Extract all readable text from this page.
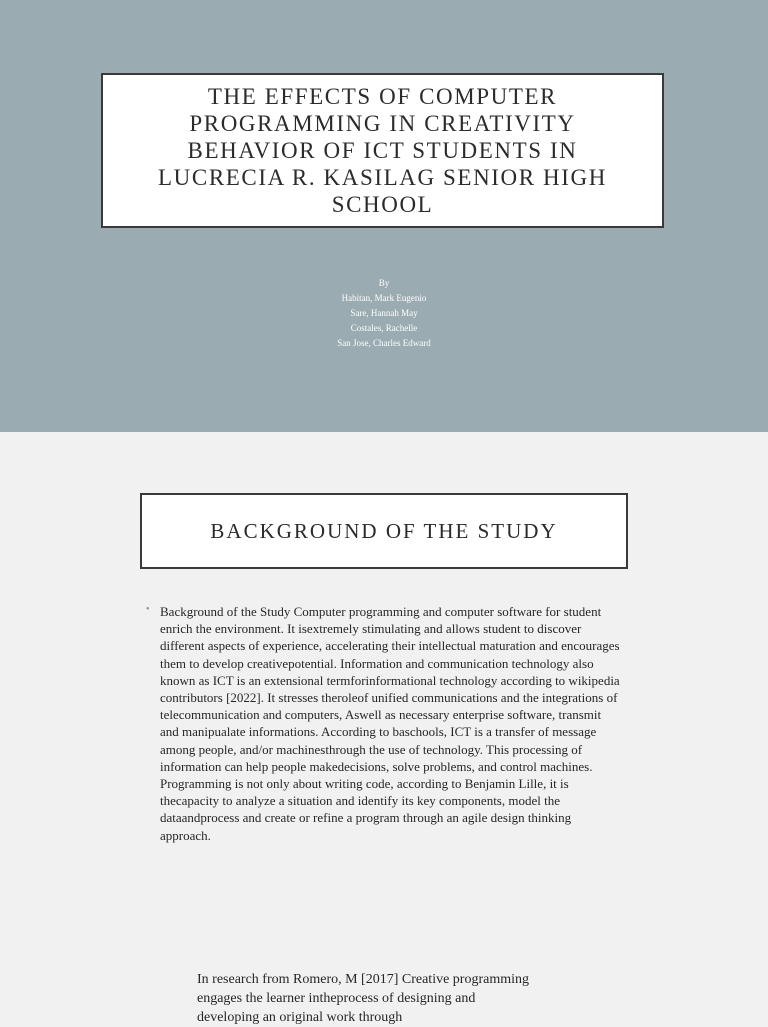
THE EFFECTS OF COMPUTER PROGRAMMING IN CREATIVITY BEHAVIOR OF ICT STUDENTS IN LUCRECIA R. KASILAG SENIOR HIGH SCHOOL
By
Habitan, Mark Eugenio
Sare, Hannah May
Costales, Rachelle
San Jose, Charles Edward
BACKGROUND OF THE STUDY
• Background of the Study Computer programming and computer software for student enrich the environment. It isextremely stimulating and allows student to discover different aspects of experience, accelerating their intellectual maturation and encourages them to develop creativepotential. Information and communication technology also known as ICT is an extensional termforinformational technology according to wikipedia contributors [2022]. It stresses theroleof unified communications and the integrations of telecommunication and computers, Aswell as necessary enterprise software, transmit and manipualate informations. According to baschools, ICT is a transfer of message among people, and/or machinesthrough the use of technology. This processing of information can help people makedecisions, solve problems, and control machines. Programming is not only about writing code, according to Benjamin Lille, it is thecapacity to analyze a situation and identify its key components, model the dataandprocess and create or refine a program through an agile design thinking approach.

In research from Romero, M [2017] Creative programming engages the learner intheprocess of designing and developing an original work through
